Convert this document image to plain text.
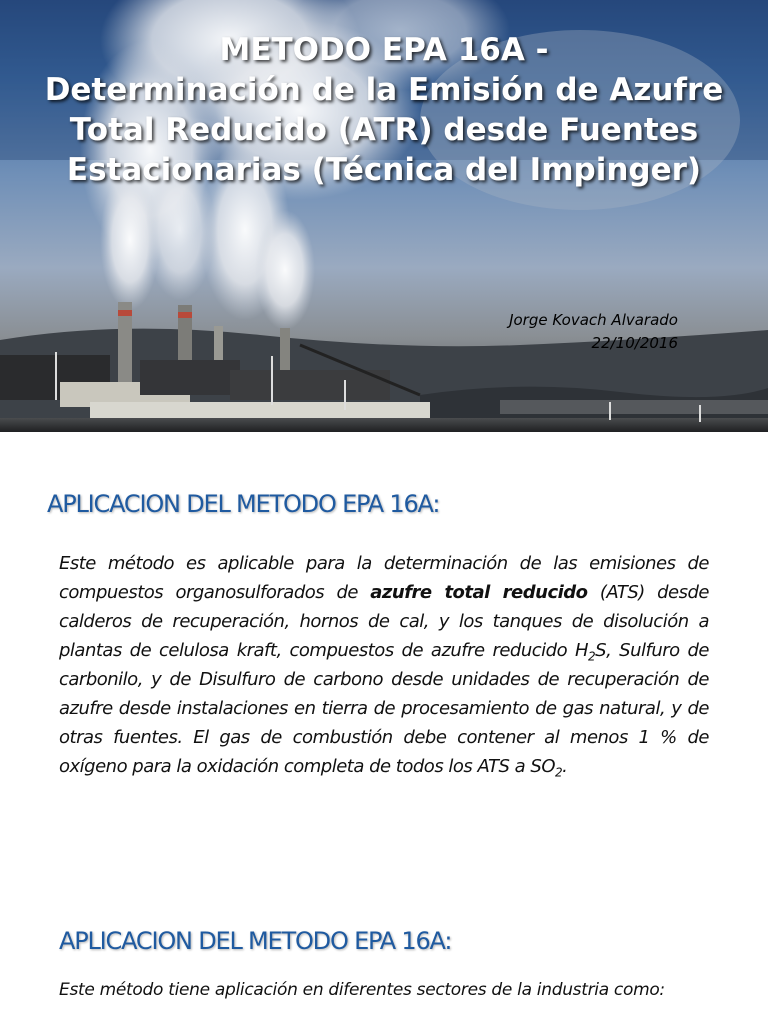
METODO EPA 16A -
Determinación de la Emisión de Azufre
Total Reducido (ATR) desde Fuentes
Estacionarias (Técnica del Impinger)
Jorge Kovach Alvarado
22/10/2016
APLICACION DEL METODO EPA 16A:
Este método es aplicable para la determinación de las emisiones de compuestos organosulforados de azufre total reducido (ATS) desde calderos de recuperación, hornos de cal, y los tanques de disolución a plantas de celulosa kraft, compuestos de azufre reducido $H_2S$, Sulfuro de carbonilo, y de Disulfuro de carbono desde unidades de recuperación de azufre desde instalaciones en tierra de procesamiento de gas natural, y de otras fuentes. El gas de combustión debe contener al menos 1 % de oxígeno para la oxidación completa de todos los ATS a $SO_2$.
APLICACION DEL METODO EPA 16A:
Este método tiene aplicación en diferentes sectores de la industria como:
